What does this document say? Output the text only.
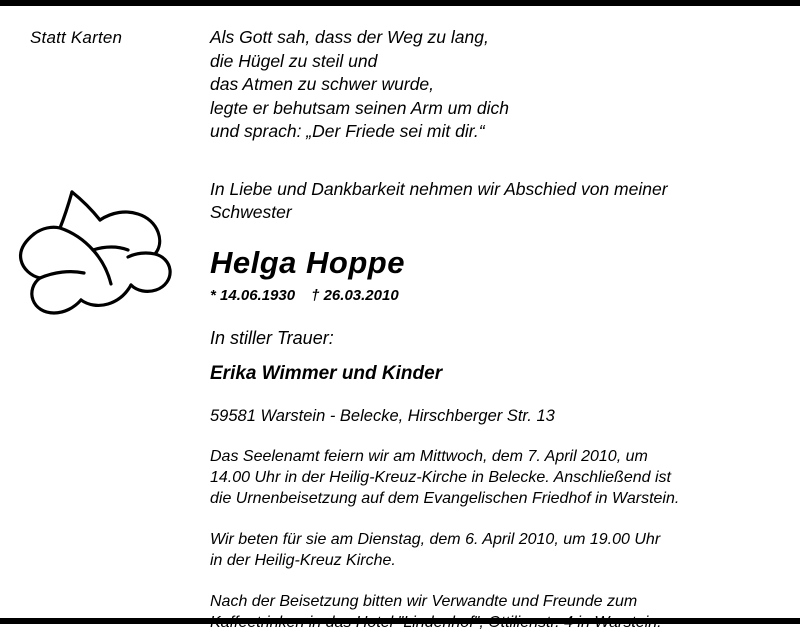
Statt Karten	Als Gott sah, dass der Weg zu lang,
die Hügel zu steil und
das Atmen zu schwer wurde,
legte er behutsam seinen Arm um dich
und sprach: „Der Friede sei mit dir.“
In Liebe und Dankbarkeit nehmen wir Abschied von meiner
Schwester
Helga Hoppe
* 14.06.1930 † 26.03.2010
In stiller Trauer:
Erika Wimmer und Kinder
59581 Warstein - Belecke, Hirschberger Str. 13
Das Seelenamt feiern wir am Mittwoch, dem 7. April 2010, um
14.00 Uhr in der Heilig-Kreuz-Kirche in Belecke. Anschließend ist
die Urnenbeisetzung auf dem Evangelischen Friedhof in Warstein.
Wir beten für sie am Dienstag, dem 6. April 2010, um 19.00 Uhr
in der Heilig-Kreuz Kirche.
Nach der Beisetzung bitten wir Verwandte und Freunde zum
Kaffeetrinken in das Hotel "Lindenhof", Ottilienstr. 4 in Warstein.
